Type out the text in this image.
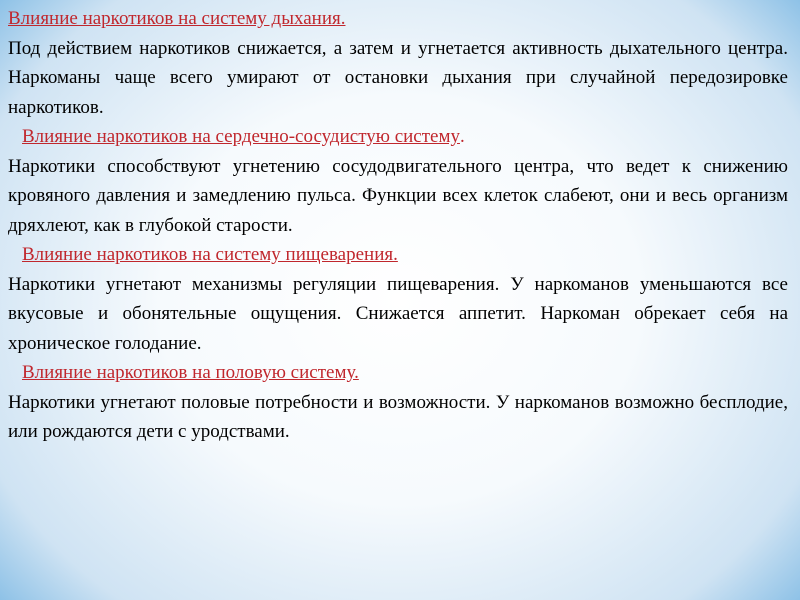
Влияние наркотиков на систему дыхания.

Под действием наркотиков снижается, а затем и угнетается активность дыхательного центра. Наркоманы чаще всего умирают от остановки дыхания при случайной передозировке наркотиков.

Влияние наркотиков на сердечно-сосудистую систему.

Наркотики способствуют угнетению сосудодвигательного центра, что ведет к снижению кровяного давления и замедлению пульса. Функции всех клеток слабеют, они и весь организм дряхлеют, как в глубокой старости.

Влияние наркотиков на систему пищеварения.

Наркотики угнетают механизмы регуляции пищеварения. У наркоманов уменьшаются все вкусовые и обонятельные ощущения. Снижается аппетит. Наркоман обрекает себя на хроническое голодание.

Влияние наркотиков на половую систему.

Наркотики угнетают половые потребности и возможности. У наркоманов возможно бесплодие, или рождаются дети с уродствами.
